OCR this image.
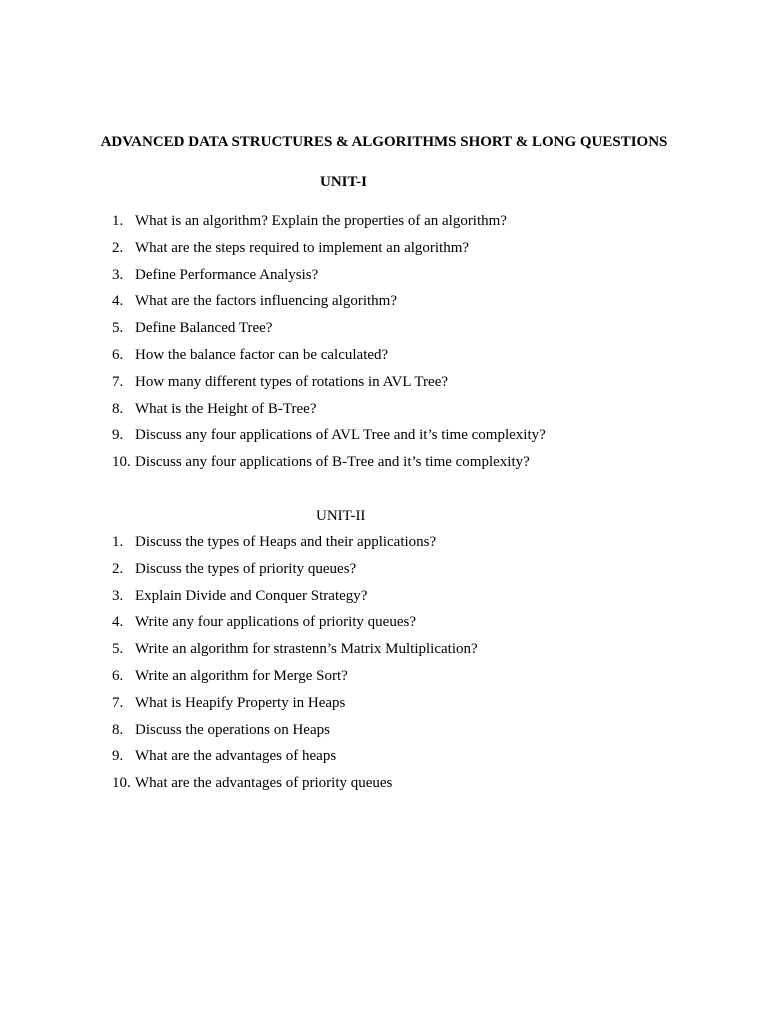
ADVANCED DATA STRUCTURES & ALGORITHMS SHORT & LONG QUESTIONS
UNIT-I
1. What is an algorithm? Explain the properties of an algorithm?
2. What are the steps required to implement an algorithm?
3. Define Performance Analysis?
4. What are the factors influencing algorithm?
5. Define Balanced Tree?
6. How the balance factor can be calculated?
7. How many different types of rotations in AVL Tree?
8. What is the Height of B-Tree?
9. Discuss any four applications of AVL Tree and it’s time complexity?
10. Discuss any four applications of B-Tree and it’s time complexity?
UNIT-II
1. Discuss the types of Heaps and their applications?
2. Discuss the types of priority queues?
3. Explain Divide and Conquer Strategy?
4. Write any four applications of priority queues?
5. Write an algorithm for strastenn’s Matrix Multiplication?
6. Write an algorithm for Merge Sort?
7. What is Heapify Property in Heaps
8. Discuss the operations on Heaps
9. What are the advantages of heaps
10. What are the advantages of priority queues
